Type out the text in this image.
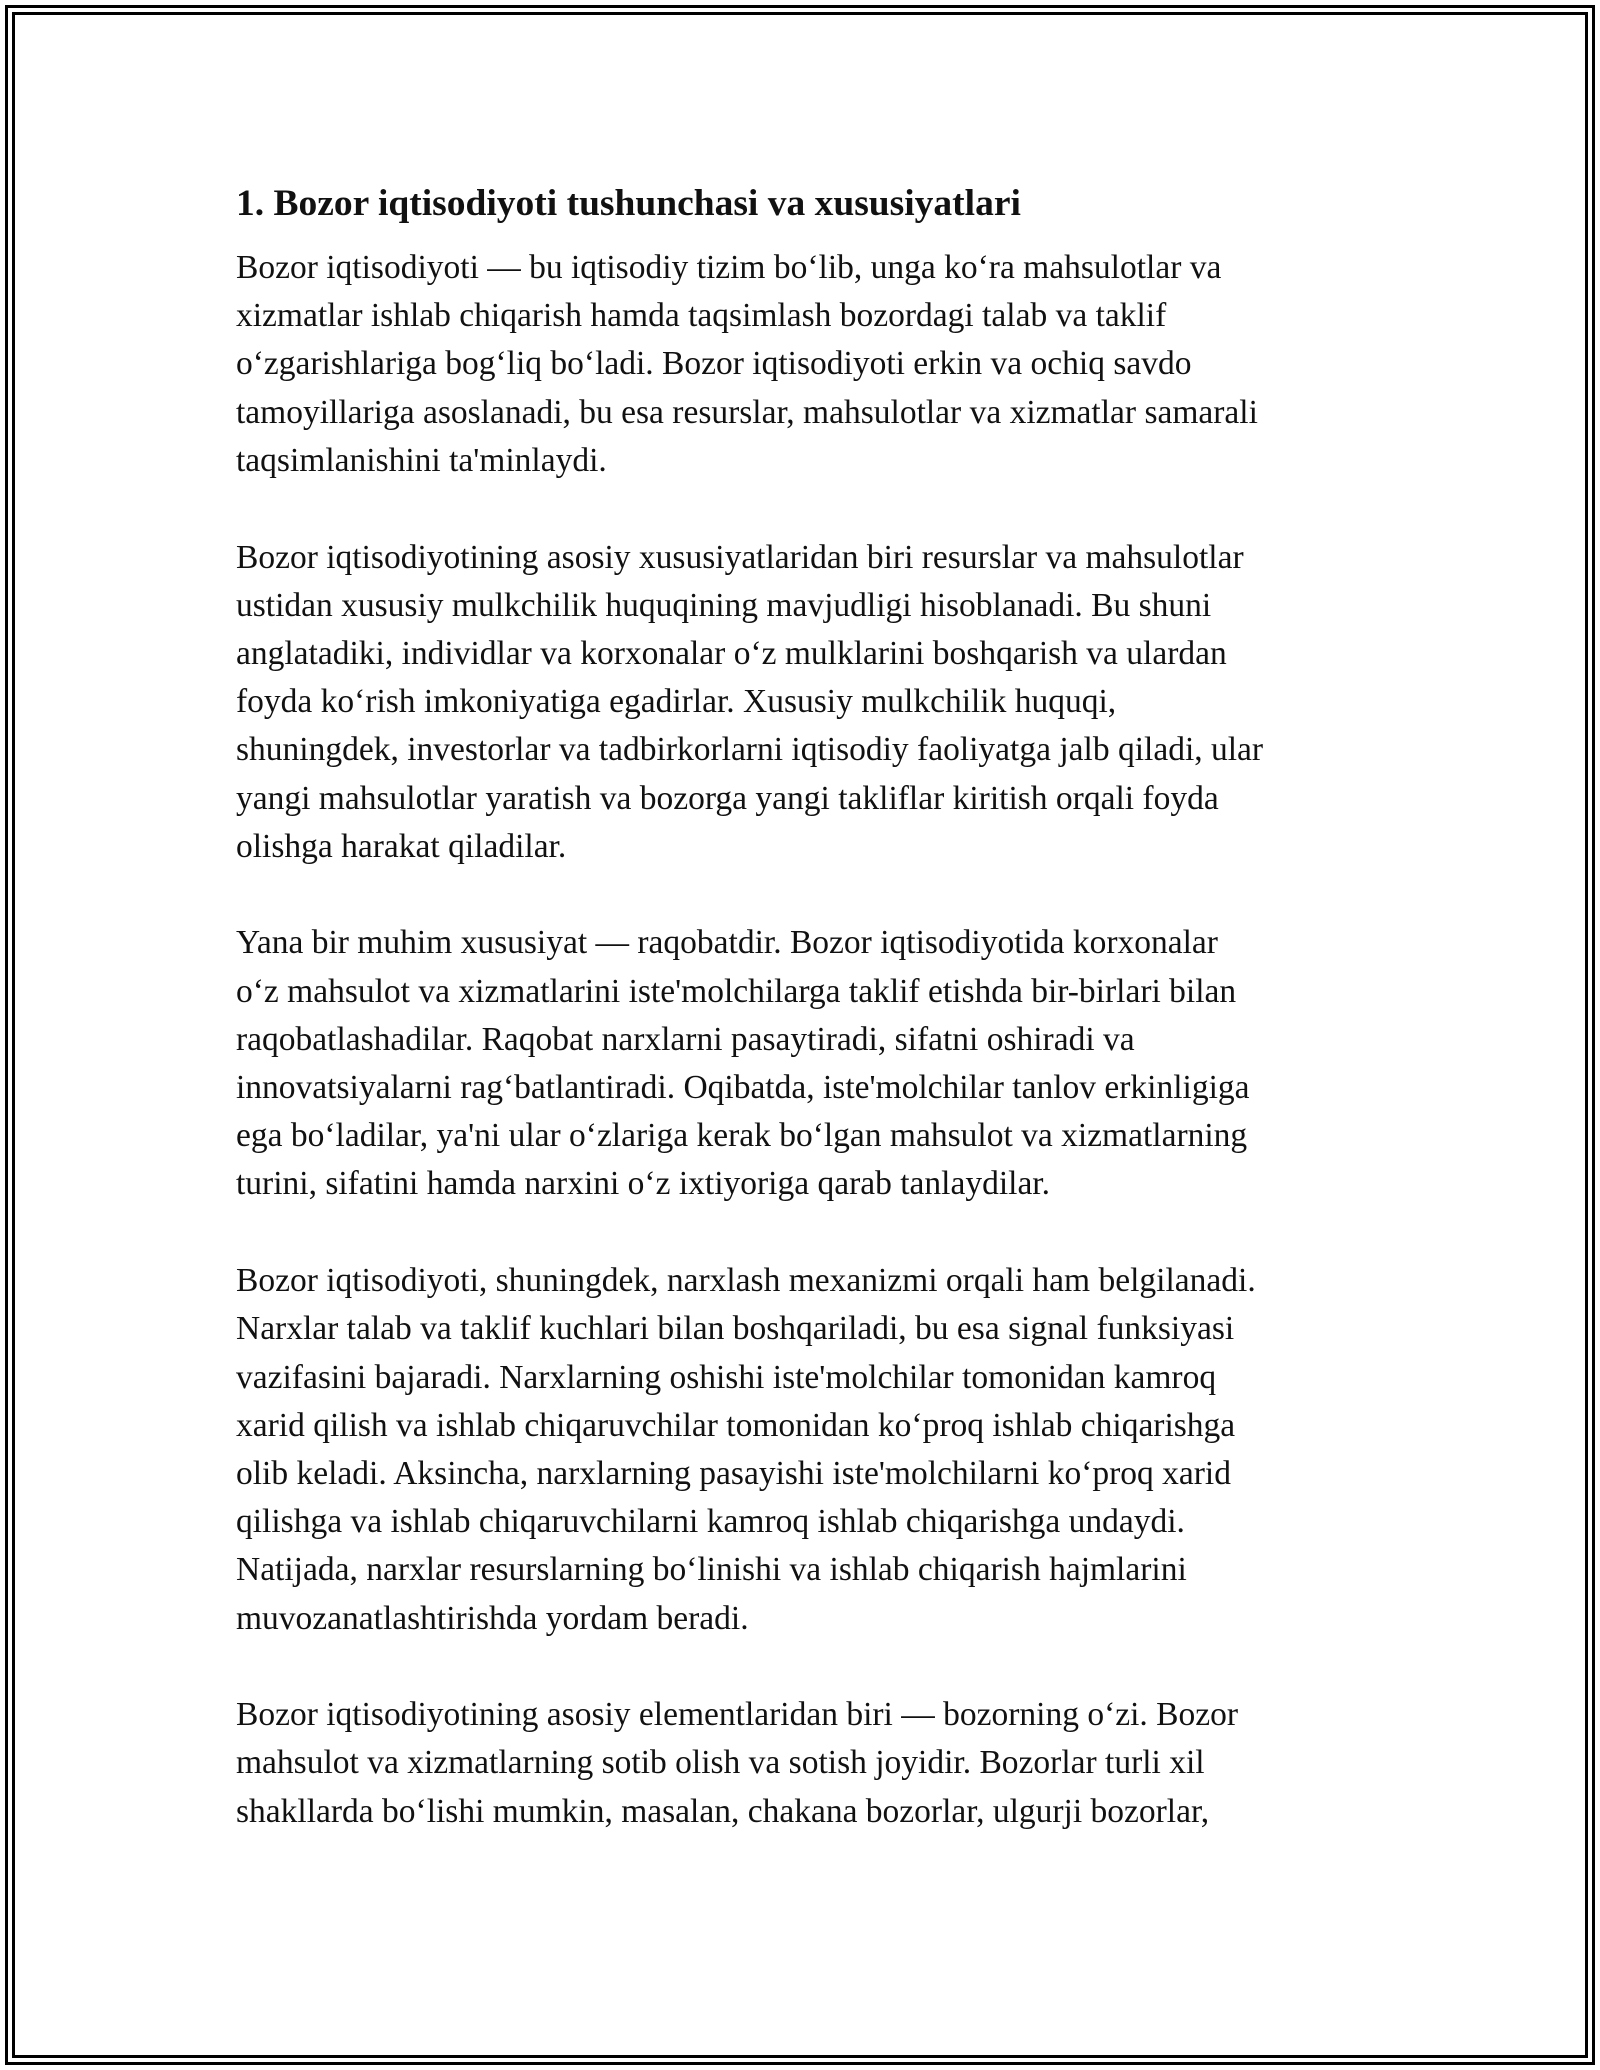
1. Bozor iqtisodiyoti tushunchasi va xususiyatlari

Bozor iqtisodiyoti — bu iqtisodiy tizim boʻlib, unga koʻra mahsulotlar va
xizmatlar ishlab chiqarish hamda taqsimlash bozordagi talab va taklif
oʻzgarishlariga bogʻliq boʻladi. Bozor iqtisodiyoti erkin va ochiq savdo
tamoyillariga asoslanadi, bu esa resurslar, mahsulotlar va xizmatlar samarali
taqsimlanishini ta'minlaydi.

Bozor iqtisodiyotining asosiy xususiyatlaridan biri resurslar va mahsulotlar
ustidan xususiy mulkchilik huquqining mavjudligi hisoblanadi. Bu shuni
anglatadiki, individlar va korxonalar oʻz mulklarini boshqarish va ulardan
foyda koʻrish imkoniyatiga egadirlar. Xususiy mulkchilik huquqi,
shuningdek, investorlar va tadbirkorlarni iqtisodiy faoliyatga jalb qiladi, ular
yangi mahsulotlar yaratish va bozorga yangi takliflar kiritish orqali foyda
olishga harakat qiladilar.

Yana bir muhim xususiyat — raqobatdir. Bozor iqtisodiyotida korxonalar
oʻz mahsulot va xizmatlarini iste'molchilarga taklif etishda bir-birlari bilan
raqobatlashadilar. Raqobat narxlarni pasaytiradi, sifatni oshiradi va
innovatsiyalarni ragʻbatlantiradi. Oqibatda, iste'molchilar tanlov erkinligiga
ega boʻladilar, ya'ni ular oʻzlariga kerak boʻlgan mahsulot va xizmatlarning
turini, sifatini hamda narxini oʻz ixtiyoriga qarab tanlaydilar.

Bozor iqtisodiyoti, shuningdek, narxlash mexanizmi orqali ham belgilanadi.
Narxlar talab va taklif kuchlari bilan boshqariladi, bu esa signal funksiyasi
vazifasini bajaradi. Narxlarning oshishi iste'molchilar tomonidan kamroq
xarid qilish va ishlab chiqaruvchilar tomonidan koʻproq ishlab chiqarishga
olib keladi. Aksincha, narxlarning pasayishi iste'molchilarni koʻproq xarid
qilishga va ishlab chiqaruvchilarni kamroq ishlab chiqarishga undaydi.
Natijada, narxlar resurslarning boʻlinishi va ishlab chiqarish hajmlarini
muvozanatlashtirishda yordam beradi.

Bozor iqtisodiyotining asosiy elementlaridan biri — bozorning oʻzi. Bozor
mahsulot va xizmatlarning sotib olish va sotish joyidir. Bozorlar turli xil
shakllarda boʻlishi mumkin, masalan, chakana bozorlar, ulgurji bozorlar,
